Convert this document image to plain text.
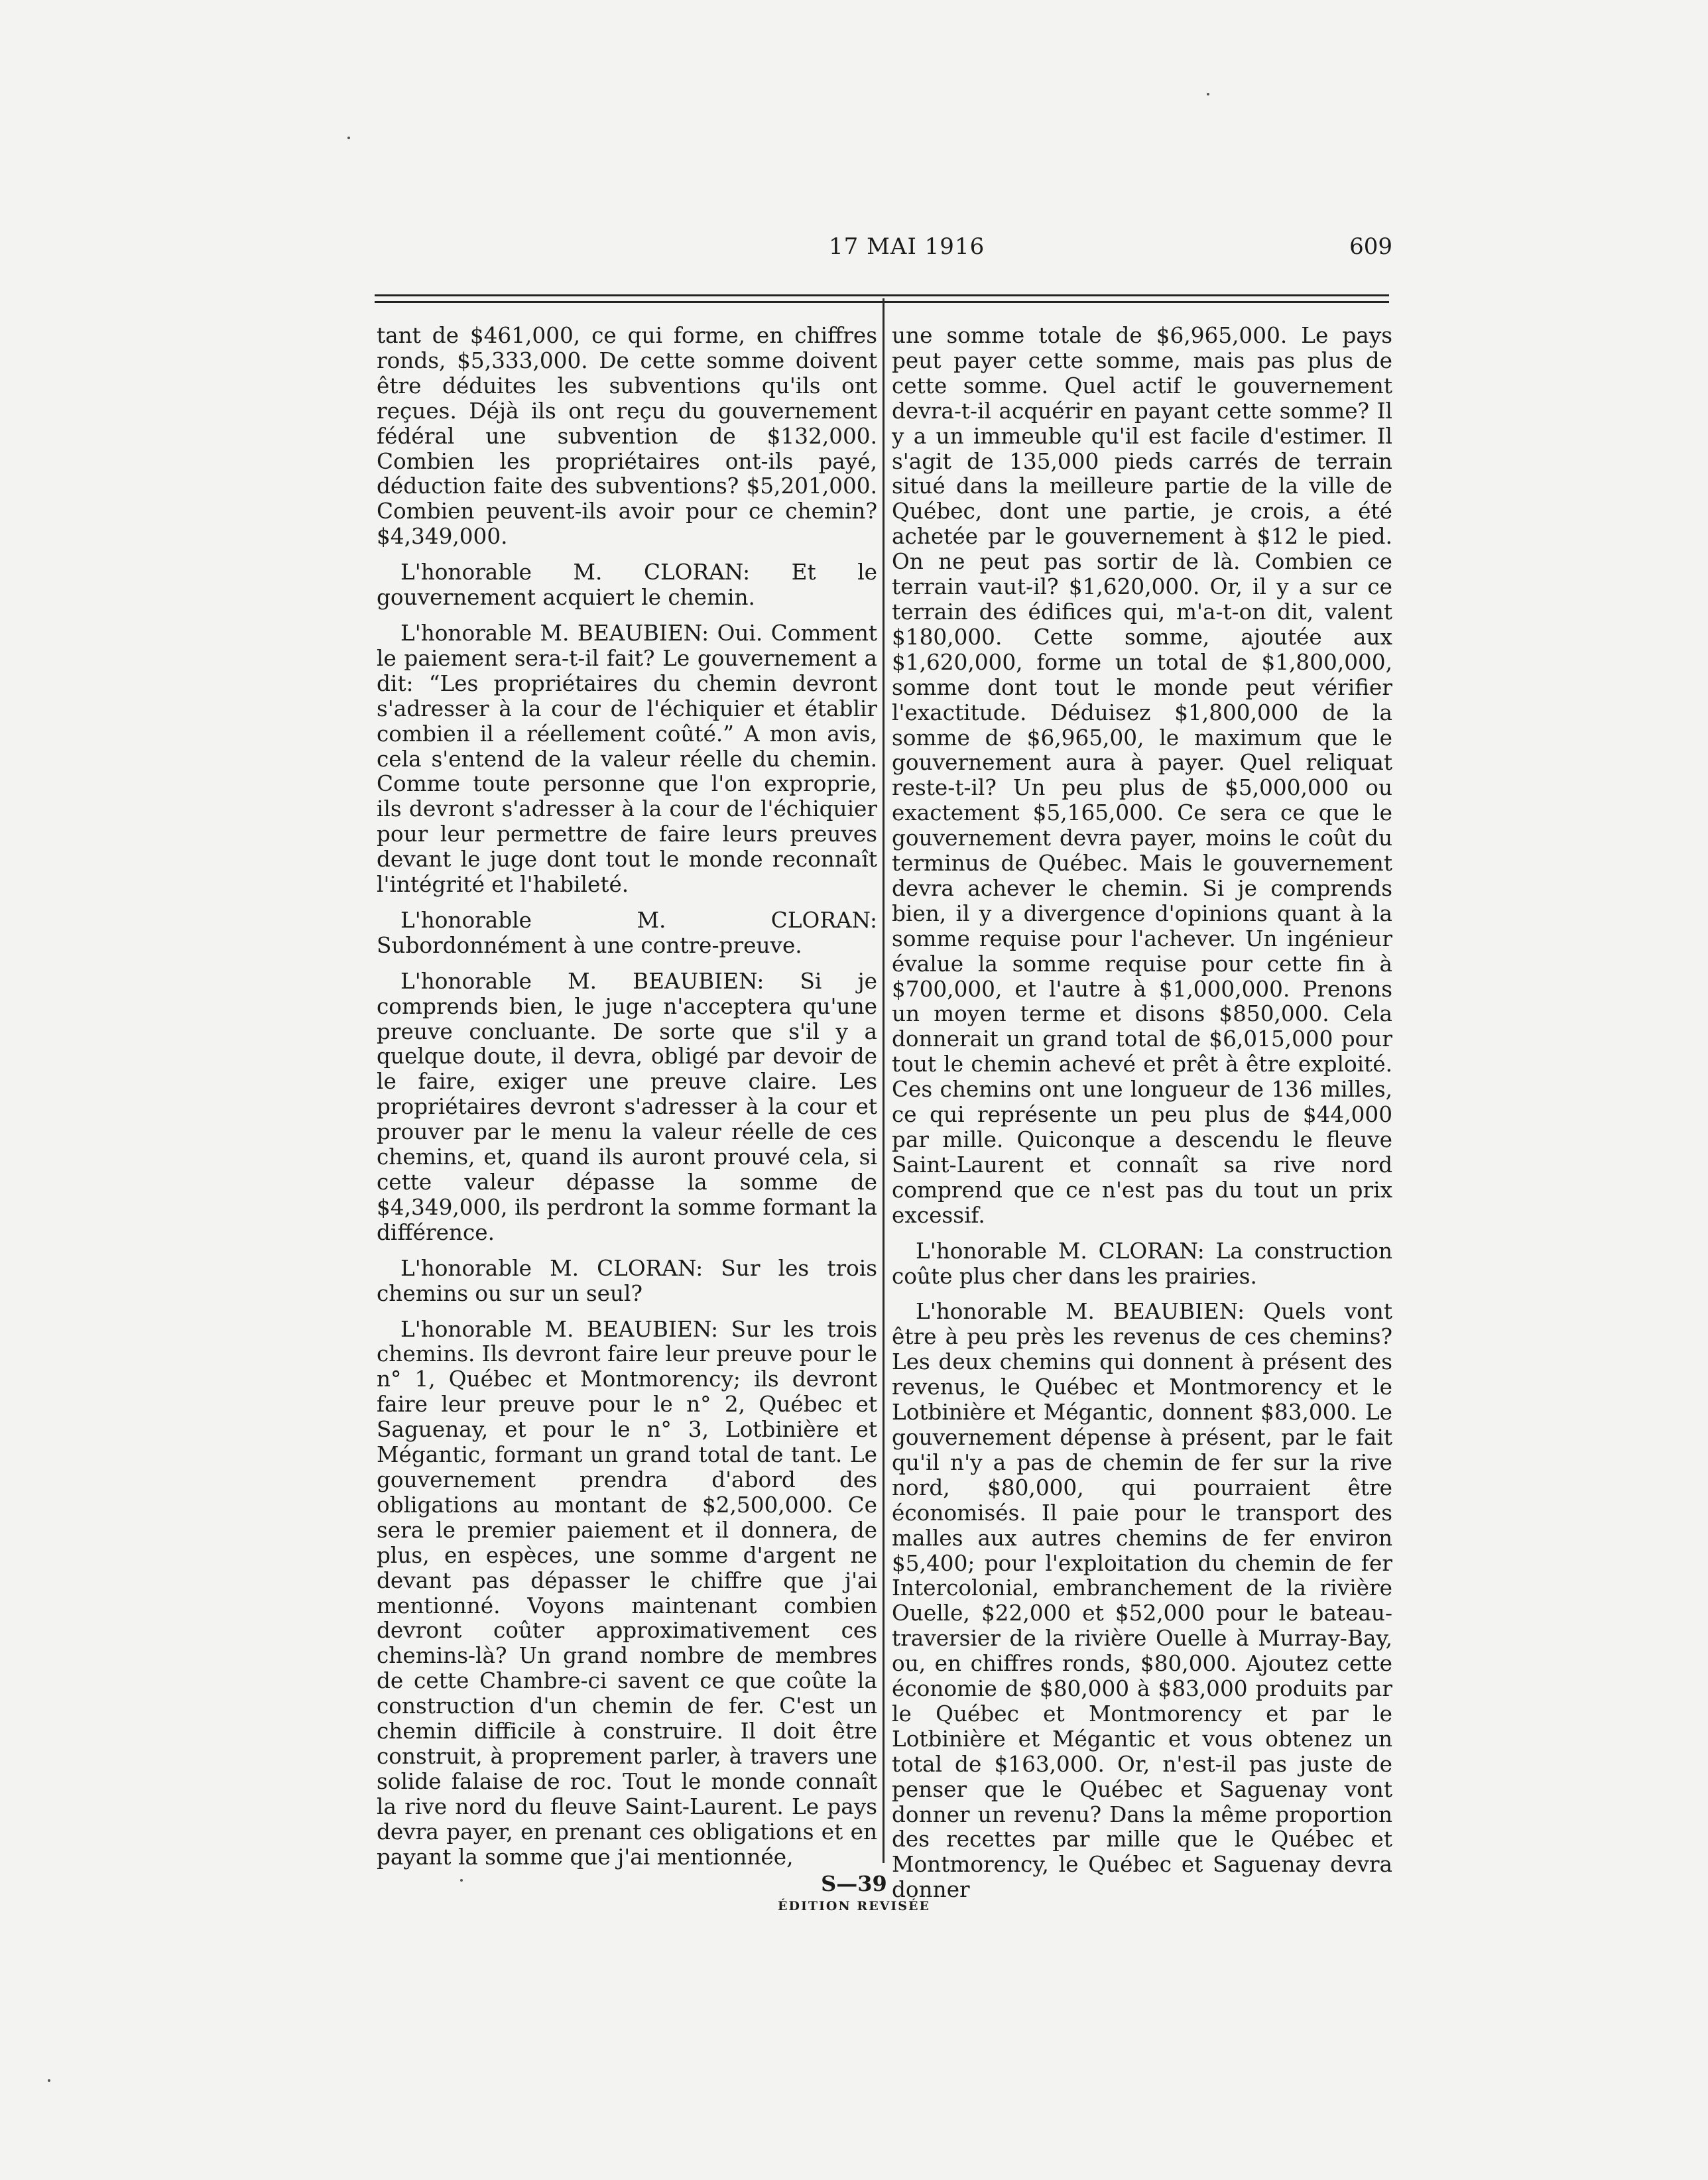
17 MAI 1916	609

tant de $461,000, ce qui forme, en chiffres ronds, $5,333,000. De cette somme doivent être déduites les subventions qu'ils ont reçues. Déjà ils ont reçu du gouvernement fédéral une subvention de $132,000. Combien les propriétaires ont-ils payé, déduction faite des subventions? $5,201,000. Combien peuvent-ils avoir pour ce chemin? $4,349,000.

L'honorable M. CLORAN: Et le gouvernement acquiert le chemin.

L'honorable M. BEAUBIEN: Oui. Comment le paiement sera-t-il fait? Le gouvernement a dit: “Les propriétaires du chemin devront s'adresser à la cour de l'échiquier et établir combien il a réellement coûté.” A mon avis, cela s'entend de la valeur réelle du chemin. Comme toute personne que l'on exproprie, ils devront s'adresser à la cour de l'échiquier pour leur permettre de faire leurs preuves devant le juge dont tout le monde reconnaît l'intégrité et l'habileté.

L'honorable M. CLORAN: Subordonnément à une contre-preuve.

L'honorable M. BEAUBIEN: Si je comprends bien, le juge n'acceptera qu'une preuve concluante. De sorte que s'il y a quelque doute, il devra, obligé par devoir de le faire, exiger une preuve claire. Les propriétaires devront s'adresser à la cour et prouver par le menu la valeur réelle de ces chemins, et, quand ils auront prouvé cela, si cette valeur dépasse la somme de $4,349,000, ils perdront la somme formant la différence.

L'honorable M. CLORAN: Sur les trois chemins ou sur un seul?

L'honorable M. BEAUBIEN: Sur les trois chemins. Ils devront faire leur preuve pour le n° 1, Québec et Montmorency; ils devront faire leur preuve pour le n° 2, Québec et Saguenay, et pour le n° 3, Lotbinière et Mégantic, formant un grand total de tant. Le gouvernement prendra d'abord des obligations au montant de $2,500,000. Ce sera le premier paiement et il donnera, de plus, en espèces, une somme d'argent ne devant pas dépasser le chiffre que j'ai mentionné. Voyons maintenant combien devront coûter approximativement ces chemins-là? Un grand nombre de membres de cette Chambre-ci savent ce que coûte la construction d'un chemin de fer. C'est un chemin difficile à construire. Il doit être construit, à proprement parler, à travers une solide falaise de roc. Tout le monde connaît la rive nord du fleuve Saint-Laurent. Le pays devra payer, en prenant ces obligations et en payant la somme que j'ai mentionnée,

une somme totale de $6,965,000. Le pays peut payer cette somme, mais pas plus de cette somme. Quel actif le gouvernement devra-t-il acquérir en payant cette somme? Il y a un immeuble qu'il est facile d'estimer. Il s'agit de 135,000 pieds carrés de terrain situé dans la meilleure partie de la ville de Québec, dont une partie, je crois, a été achetée par le gouvernement à $12 le pied. On ne peut pas sortir de là. Combien ce terrain vaut-il? $1,620,000. Or, il y a sur ce terrain des édifices qui, m'a-t-on dit, valent $180,000. Cette somme, ajoutée aux $1,620,000, forme un total de $1,800,000, somme dont tout le monde peut vérifier l'exactitude. Déduisez $1,800,000 de la somme de $6,965,00, le maximum que le gouvernement aura à payer. Quel reliquat reste-t-il? Un peu plus de $5,000,000 ou exactement $5,165,000. Ce sera ce que le gouvernement devra payer, moins le coût du terminus de Québec. Mais le gouvernement devra achever le chemin. Si je comprends bien, il y a divergence d'opinions quant à la somme requise pour l'achever. Un ingénieur évalue la somme requise pour cette fin à $700,000, et l'autre à $1,000,000. Prenons un moyen terme et disons $850,000. Cela donnerait un grand total de $6,015,000 pour tout le chemin achevé et prêt à être exploité. Ces chemins ont une longueur de 136 milles, ce qui représente un peu plus de $44,000 par mille. Quiconque a descendu le fleuve Saint-Laurent et connaît sa rive nord comprend que ce n'est pas du tout un prix excessif.

L'honorable M. CLORAN: La construction coûte plus cher dans les prairies.

L'honorable M. BEAUBIEN: Quels vont être à peu près les revenus de ces chemins? Les deux chemins qui donnent à présent des revenus, le Québec et Montmorency et le Lotbinière et Mégantic, donnent $83,000. Le gouvernement dépense à présent, par le fait qu'il n'y a pas de chemin de fer sur la rive nord, $80,000, qui pourraient être économisés. Il paie pour le transport des malles aux autres chemins de fer environ $5,400; pour l'exploitation du chemin de fer Intercolonial, embranchement de la rivière Ouelle, $22,000 et $52,000 pour le bateau-traversier de la rivière Ouelle à Murray-Bay, ou, en chiffres ronds, $80,000. Ajoutez cette économie de $80,000 à $83,000 produits par le Québec et Montmorency et par le Lotbinière et Mégantic et vous obtenez un total de $163,000. Or, n'est-il pas juste de penser que le Québec et Saguenay vont donner un revenu? Dans la même proportion des recettes par mille que le Québec et Montmorency, le Québec et Saguenay devra donner

S—39
ÉDITION REVISÉE
